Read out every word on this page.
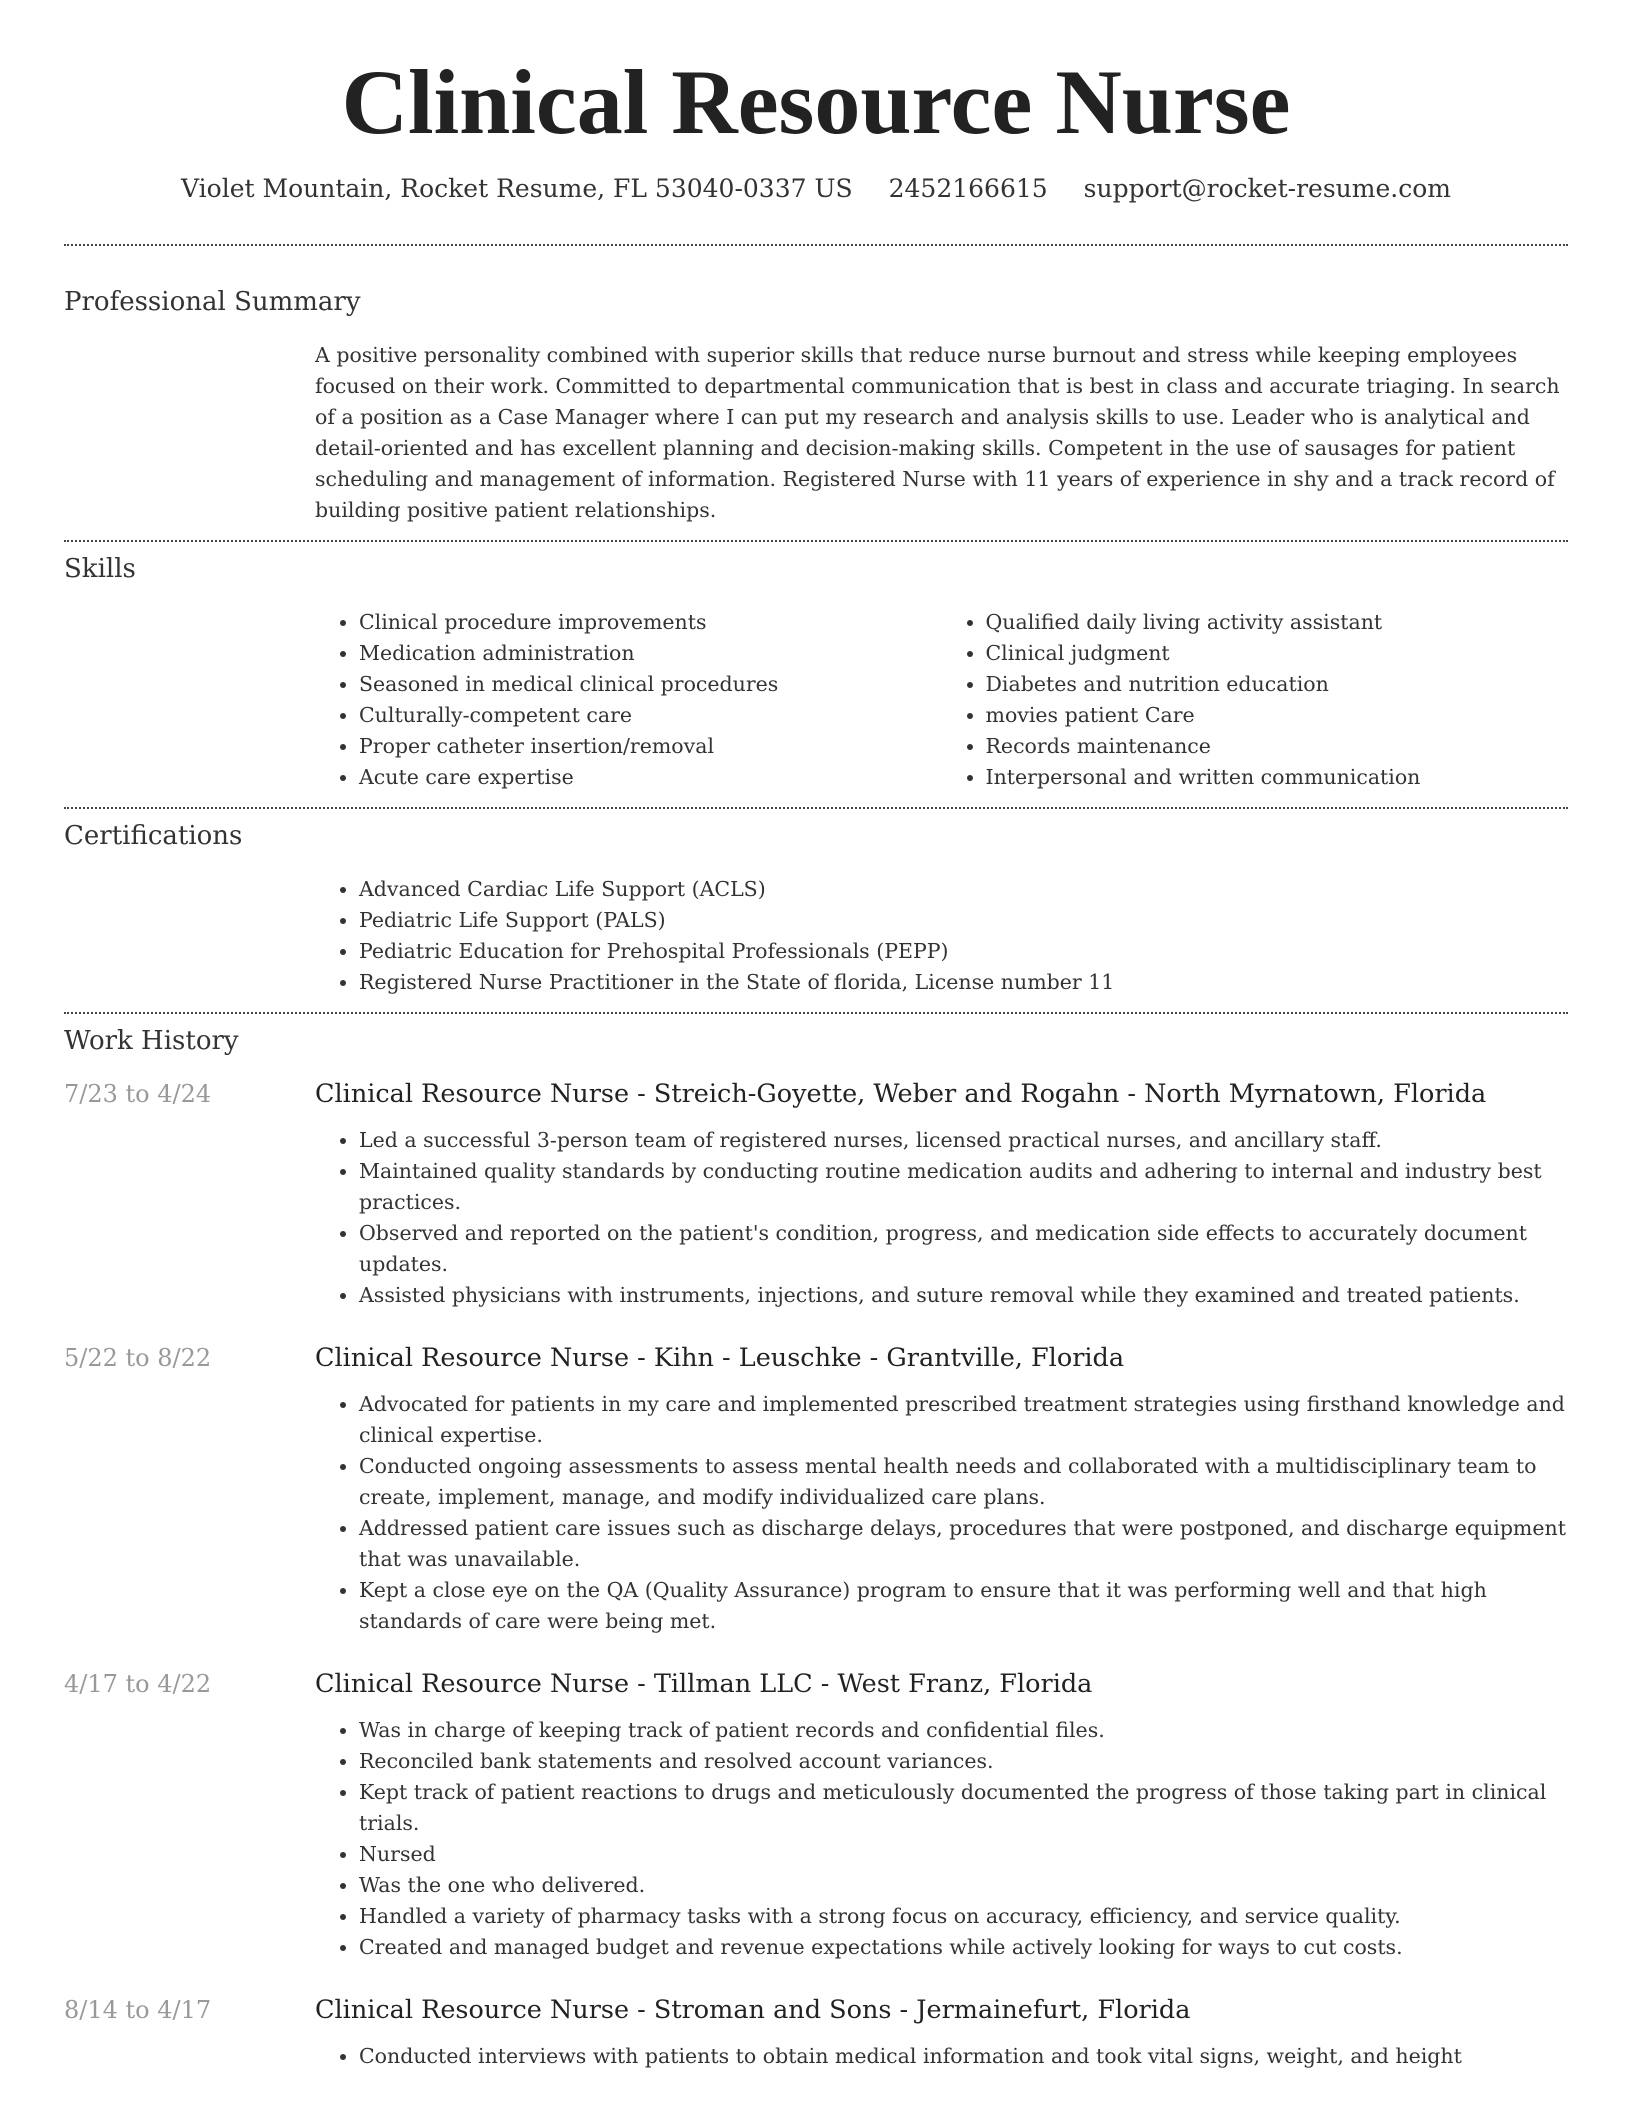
Clinical Resource Nurse
Violet Mountain, Rocket Resume, FL 53040-0337 US 2452166615 support@rocket-resume.com
Professional Summary

A positive personality combined with superior skills that reduce nurse burnout and stress while keeping employees focused on their work. Committed to departmental communication that is best in class and accurate triaging. In search of a position as a Case Manager where I can put my research and analysis skills to use. Leader who is analytical and detail-oriented and has excellent planning and decision-making skills. Competent in the use of sausages for patient scheduling and management of information. Registered Nurse with 11 years of experience in shy and a track record of building positive patient relationships.

Skills
• Clinical procedure improvements
• Medication administration
• Seasoned in medical clinical procedures
• Culturally-competent care
• Proper catheter insertion/removal
• Acute care expertise
• Qualified daily living activity assistant
• Clinical judgment
• Diabetes and nutrition education
• movies patient Care
• Records maintenance
• Interpersonal and written communication
Certifications
• Advanced Cardiac Life Support (ACLS)
• Pediatric Life Support (PALS)
• Pediatric Education for Prehospital Professionals (PEPP)
• Registered Nurse Practitioner in the State of florida, License number 11
Work History
7/23 to 4/24	Clinical Resource Nurse - Streich-Goyette, Weber and Rogahn - North Myrnatown, Florida
• Led a successful 3-person team of registered nurses, licensed practical nurses, and ancillary staff.
• Maintained quality standards by conducting routine medication audits and adhering to internal and industry best practices.
• Observed and reported on the patient's condition, progress, and medication side effects to accurately document updates.
• Assisted physicians with instruments, injections, and suture removal while they examined and treated patients.
5/22 to 8/22	Clinical Resource Nurse - Kihn - Leuschke - Grantville, Florida
• Advocated for patients in my care and implemented prescribed treatment strategies using firsthand knowledge and clinical expertise.
• Conducted ongoing assessments to assess mental health needs and collaborated with a multidisciplinary team to create, implement, manage, and modify individualized care plans.
• Addressed patient care issues such as discharge delays, procedures that were postponed, and discharge equipment that was unavailable.
• Kept a close eye on the QA (Quality Assurance) program to ensure that it was performing well and that high standards of care were being met.
4/17 to 4/22	Clinical Resource Nurse - Tillman LLC - West Franz, Florida
• Was in charge of keeping track of patient records and confidential files.
• Reconciled bank statements and resolved account variances.
• Kept track of patient reactions to drugs and meticulously documented the progress of those taking part in clinical trials.
• Nursed
• Was the one who delivered.
• Handled a variety of pharmacy tasks with a strong focus on accuracy, efficiency, and service quality.
• Created and managed budget and revenue expectations while actively looking for ways to cut costs.
8/14 to 4/17	Clinical Resource Nurse - Stroman and Sons - Jermainefurt, Florida
• Conducted interviews with patients to obtain medical information and took vital signs, weight, and height
